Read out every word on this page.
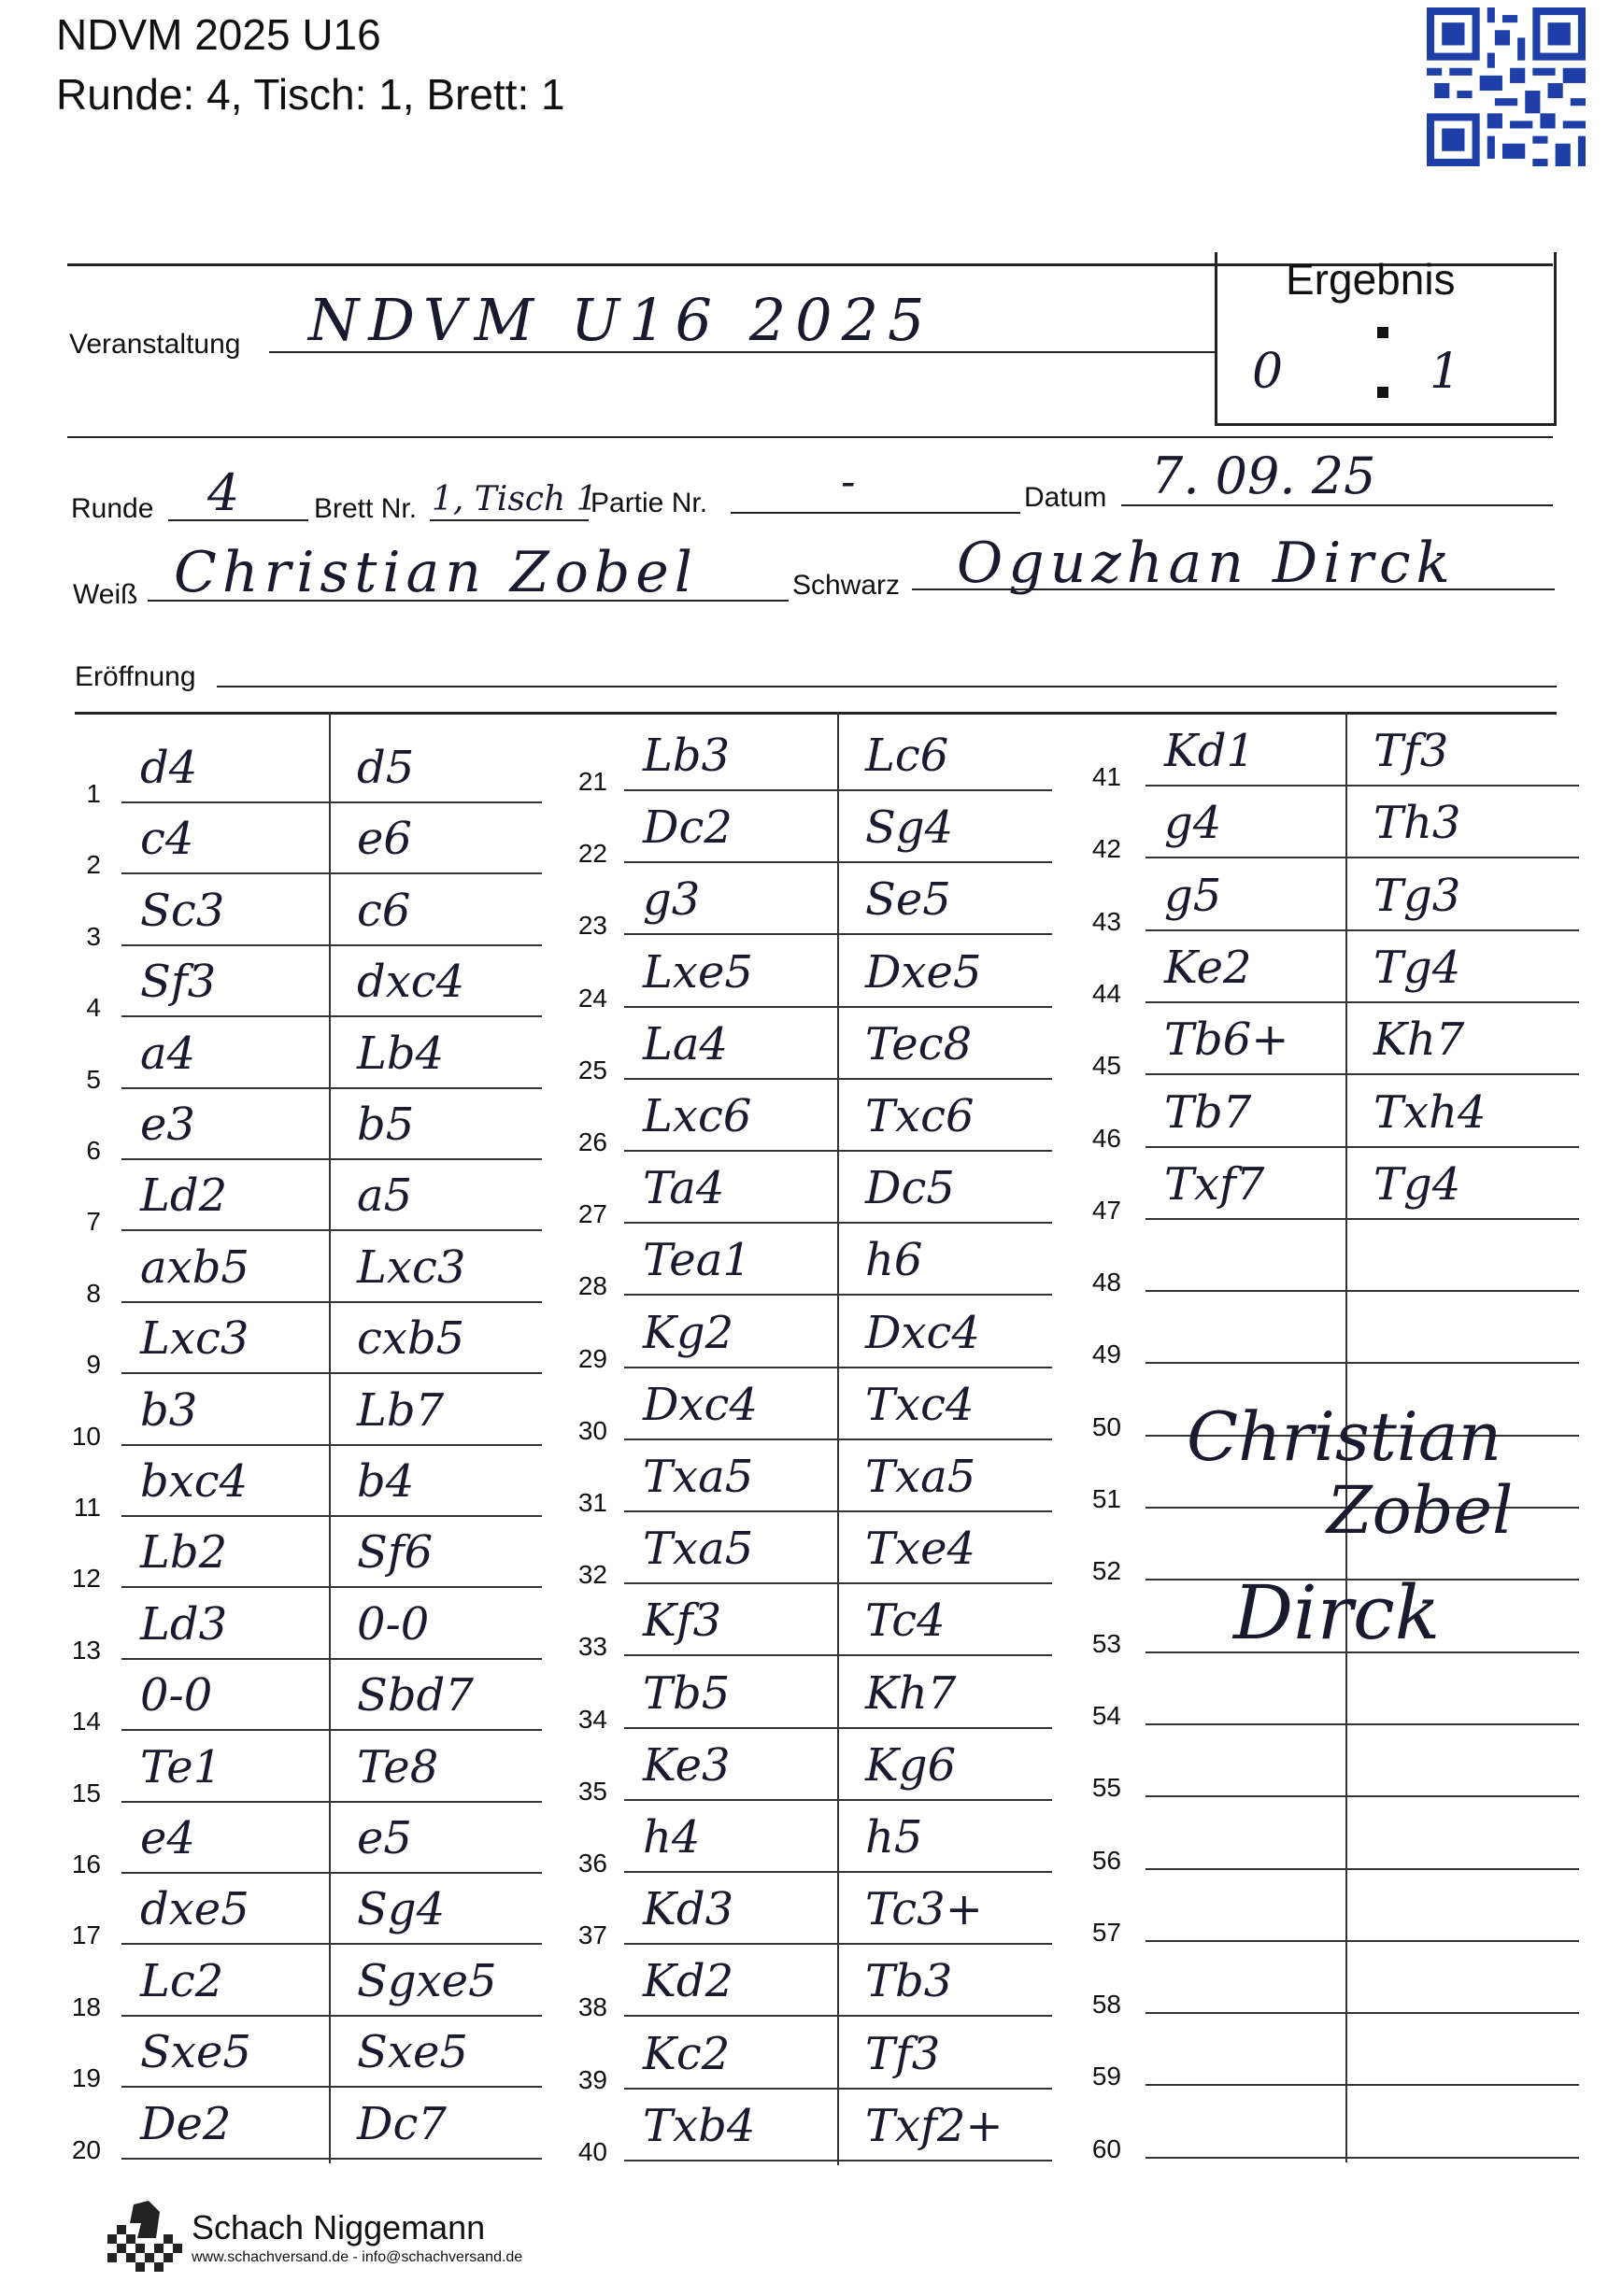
NDVM 2025 U16
Runde: 4, Tisch: 1, Brett: 1
Ergebnis
0	1
Veranstaltung NDVM U16 2025
Runde 4	Brett Nr. 1, Tisch 1
Partie Nr.	-	Datum 7. 09. 25
Weiß Christian Zobel	Schwarz Oguzhan Dirck
Eröffnung
1 d4	d5
2 c4	e6
3 Sc3	c6
4 Sf3	dxc4
5 a4	Lb4
6 e3	b5
7 Ld2	a5
8 axb5 Lxc3
9 Lxc3 cxb5
10 b3	Lb7
11 bxc4 b4
12 Lb2	Sf6
13 Ld3	0-0
14 0-0	Sbd7
15 Te1	Te8
16 e4	e5
17 dxe5 Sg4
18 Lc2	Sgxe5
19 Sxe5 Sxe5
20 De2	Dc7
21 Lb3	Lc6
22 Dc2	Sg4
23 g3	Se5
24 Lxe5	Dxe5
25 La4	Tec8
26 Lxc6	Txc6
27 Ta4	Dc5
28 Tea1	h6
29 Kg2	Dxc4
30 Dxc4 Txc4
31 Txa5 Txa5
32 Txa5 Txe4
33 Kf3	Tc4
34 Tb5	Kh7
35 Ke3	Kg6
36 h4	h5
37 Kd3	Tc3+
38 Kd2	Tb3
39 Kc2	Tf3
40 Txb4 Txf2+
41 Kd1	Tf3
42 g4	Th3
43 g5	Tg3
44 Ke2	Tg4
45 Tb6+ Kh7
46 Tb7	Txh4
47 Txf7 Tg4
48
49
50
51
52
53
54
55
56
57
58
59
60
Christian
Zobel
Dirck
Schach Niggemann
www.schachversand.de - info@schachversand.de
